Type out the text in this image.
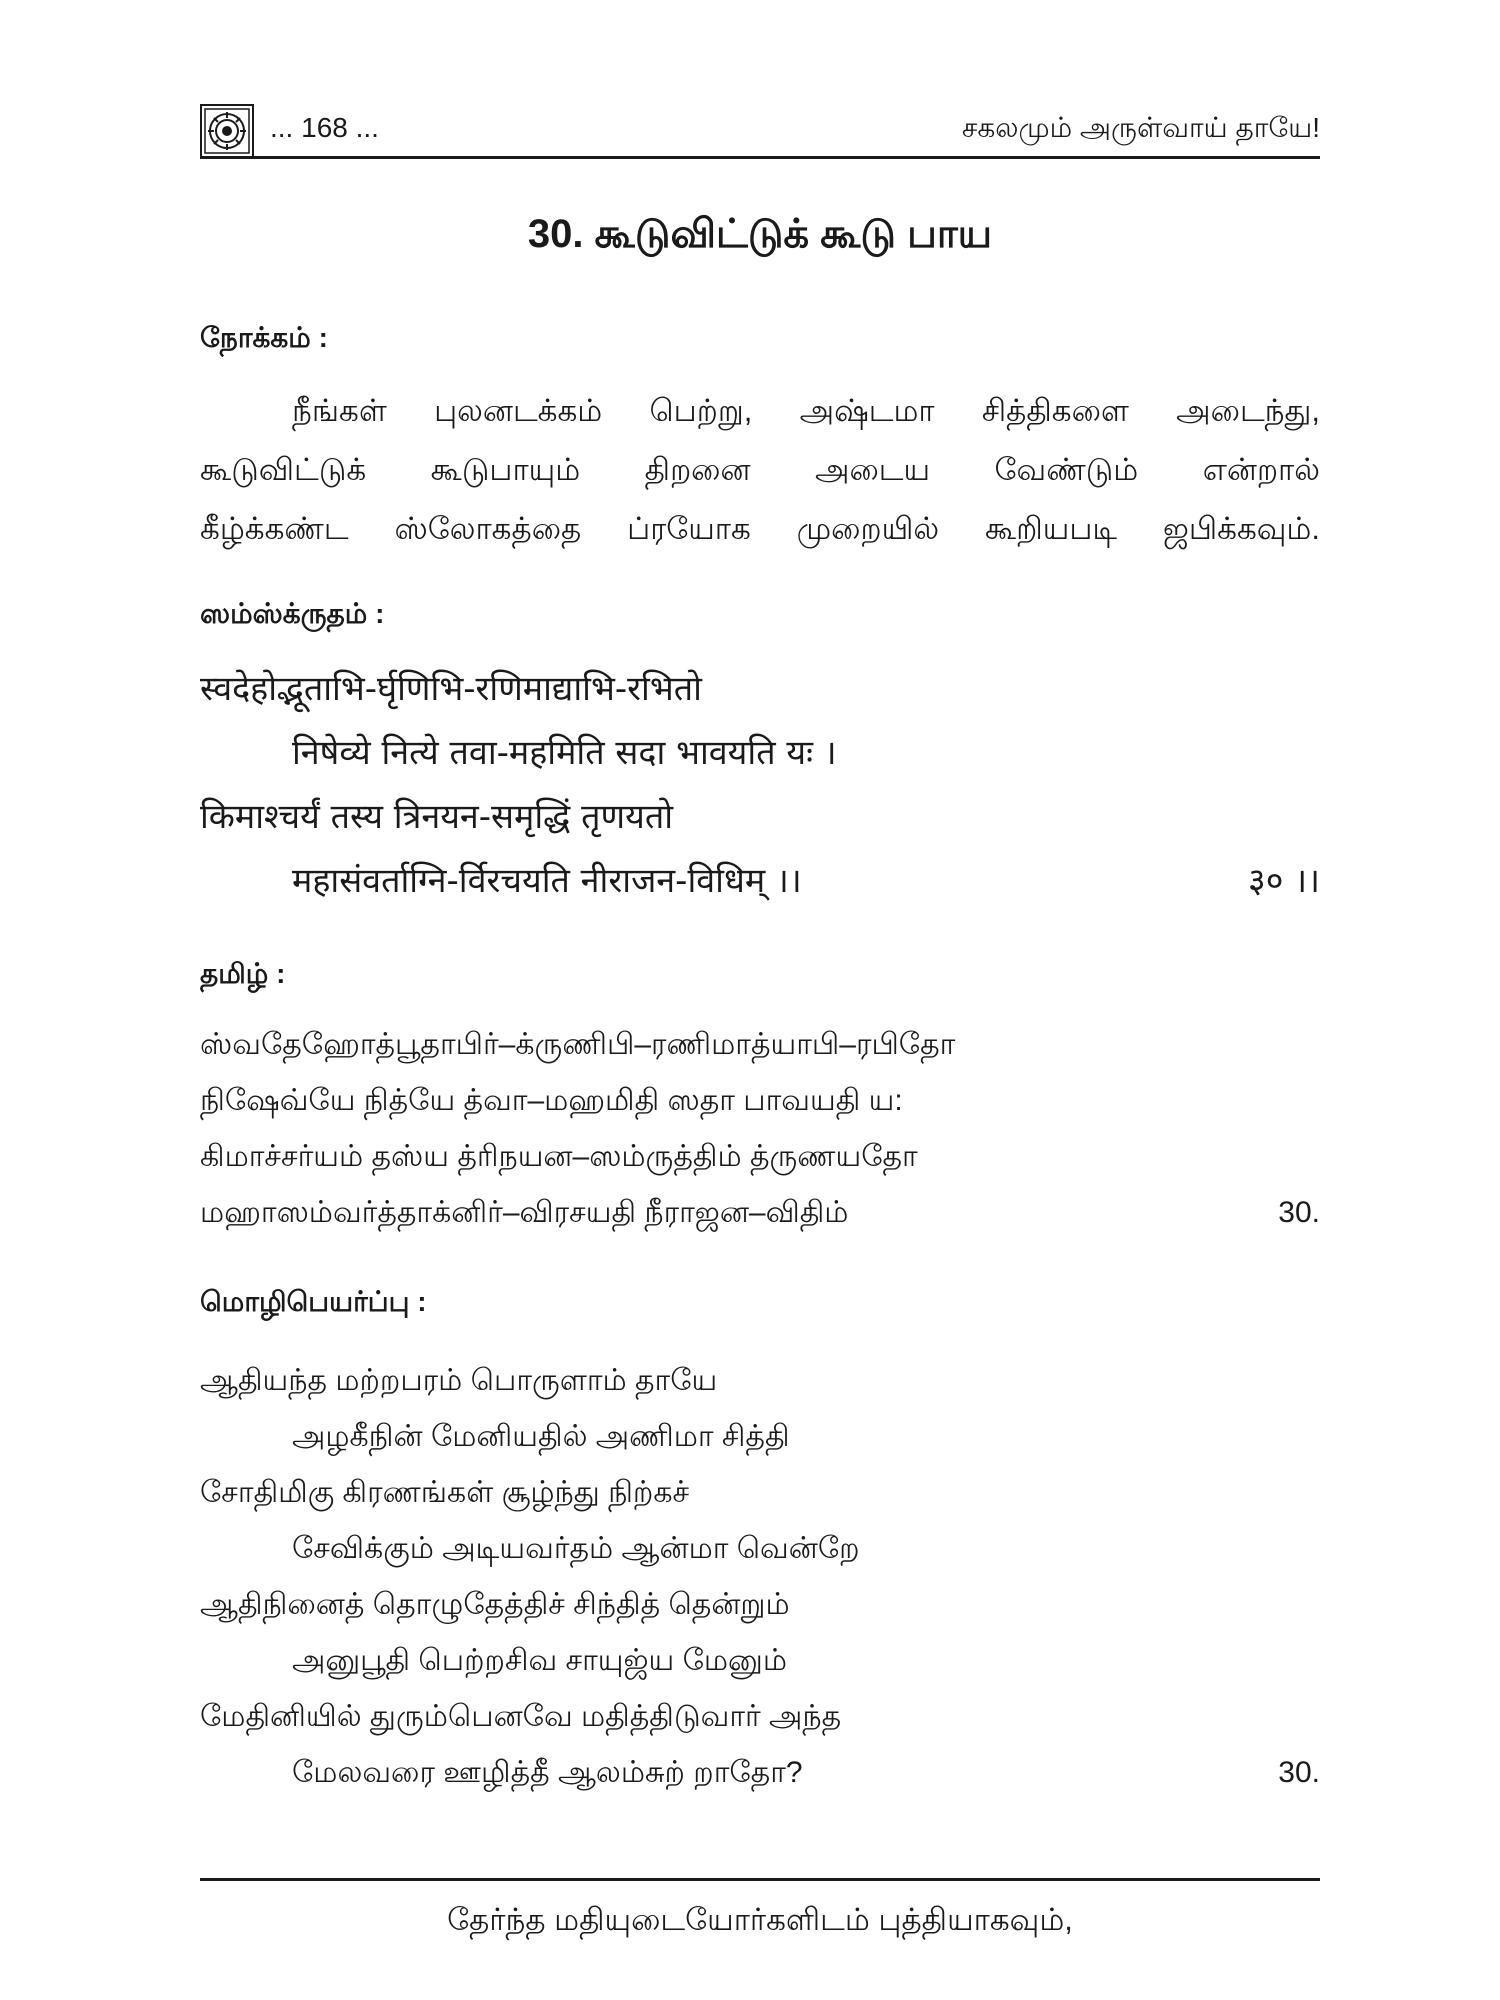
... 168 ...	சகலமும் அருள்வாய் தாயே!
30. கூடுவிட்டுக் கூடு பாய
நோக்கம் :
நீங்கள் புலனடக்கம் பெற்று, அஷ்டமா சித்திகளை அடைந்து,
கூடுவிட்டுக் கூடுபாயும் திறனை அடைய வேண்டும் என்றால்
கீழ்க்கண்ட ஸ்லோகத்தை ப்ரயோக முறையில் கூறியபடி ஜபிக்கவும்.
ஸம்ஸ்க்ருதம் :
स्वदेहोद्भूताभि-र्घृणिभि-रणिमाद्याभि-रभितो
निषेव्ये नित्ये तवा-महमिति सदा भावयति यः ।
किमाश्चर्यं तस्य त्रिनयन-समृद्धिं तृणयतो
महासंवर्ताग्नि-र्विरचयति नीराजन-विधिम् ।।	३० ।।
தமிழ் :
ஸ்வதேஹோத்பூதாபிர்–க்ருணிபி–ரணிமாத்யாபி–ரபிதோ
நிஷேவ்யே நித்யே த்வா–மஹமிதி ஸதா பாவயதி ய:
கிமாச்சர்யம் தஸ்ய த்ரிநயன–ஸம்ருத்திம் த்ருணயதோ
மஹாஸம்வர்த்தாக்னிர்–விரசயதி நீராஜன–விதிம்	30.
மொழிபெயர்ப்பு :
ஆதியந்த மற்றபரம் பொருளாம் தாயே
அழகீநின் மேனியதில் அணிமா சித்தி
சோதிமிகு கிரணங்கள் சூழ்ந்து நிற்கச்
சேவிக்கும் அடியவர்தம் ஆன்மா வென்றே
ஆதிநினைத் தொழுதேத்திச் சிந்தித் தென்றும்
அனுபூதி பெற்றசிவ சாயுஜ்ய மேனும்
மேதினியில் துரும்பெனவே மதித்திடுவார் அந்த
மேலவரை ஊழித்தீ ஆலம்சுற் றாதோ?	30.
தேர்ந்த மதியுடையோர்களிடம் புத்தியாகவும்,
